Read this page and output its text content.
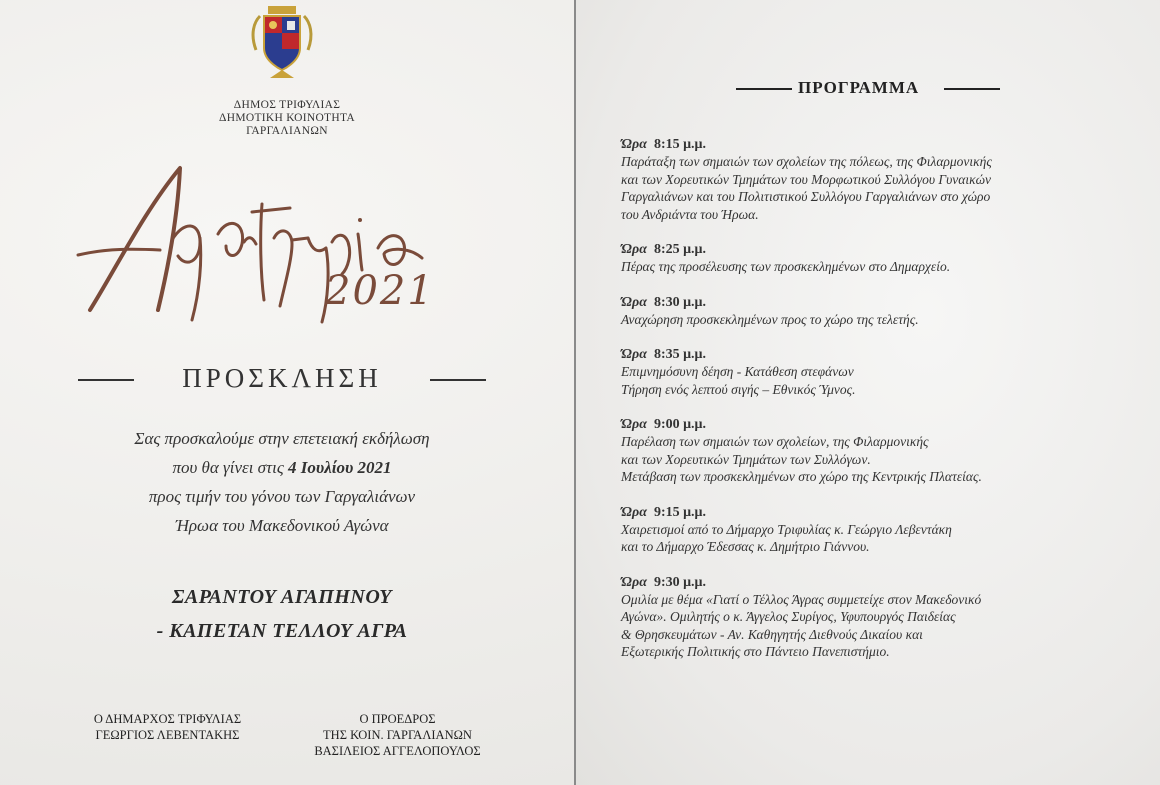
ΔΗΜΟΣ ΤΡΙΦΥΛΙΑΣ
ΔΗΜΟΤΙΚΗ ΚΟΙΝΟΤΗΤΑ
ΓΑΡΓΑΛΙΑΝΩΝ
2021
ΠΡΟΣΚΛΗΣΗ
Σας προσκαλούμε στην επετειακή εκδήλωση
που θα γίνει στις 4 Ιουλίου 2021
προς τιμήν του γόνου των Γαργαλιάνων
Ήρωα του Μακεδονικού Αγώνα
ΣΑΡΑΝΤΟΥ ΑΓΑΠΗΝΟΥ
- ΚΑΠΕΤΑΝ ΤΕΛΛΟΥ ΑΓΡΑ
Ο ΔΗΜΑΡΧΟΣ ΤΡΙΦΥΛΙΑΣ
ΓΕΩΡΓΙΟΣ ΛΕΒΕΝΤΑΚΗΣ
Ο ΠΡΟΕΔΡΟΣ
ΤΗΣ ΚΟΙΝ. ΓΑΡΓΑΛΙΑΝΩΝ
ΒΑΣΙΛΕΙΟΣ ΑΓΓΕΛΟΠΟΥΛΟΣ
ΠΡΟΓΡΑΜΜΑ
Ώρα  8:15 μ.μ.
Παράταξη των σημαιών των σχολείων της πόλεως, της Φιλαρμονικής
και των Χορευτικών Τμημάτων του Μορφωτικού Συλλόγου Γυναικών
Γαργαλιάνων και του Πολιτιστικού Συλλόγου Γαργαλιάνων στο χώρο
του Ανδριάντα του Ήρωα.
Ώρα  8:25 μ.μ.
Πέρας της προσέλευσης των προσκεκλημένων στο Δημαρχείο.
Ώρα  8:30 μ.μ.
Αναχώρηση προσκεκλημένων προς το χώρο της τελετής.
Ώρα  8:35 μ.μ.
Επιμνημόσυνη δέηση - Κατάθεση στεφάνων
Τήρηση ενός λεπτού σιγής – Εθνικός Ύμνος.
Ώρα  9:00 μ.μ.
Παρέλαση των σημαιών των σχολείων, της Φιλαρμονικής
και των Χορευτικών Τμημάτων των Συλλόγων.
Μετάβαση των προσκεκλημένων στο χώρο της Κεντρικής Πλατείας.
Ώρα  9:15 μ.μ.
Χαιρετισμοί από το Δήμαρχο Τριφυλίας κ. Γεώργιο Λεβεντάκη
και το Δήμαρχο Έδεσσας κ. Δημήτριο Γιάννου.
Ώρα  9:30 μ.μ.
Ομιλία με θέμα «Γιατί ο Τέλλος Άγρας συμμετείχε στον Μακεδονικό
Αγώνα». Ομιλητής ο κ. Άγγελος Συρίγος, Υφυπουργός Παιδείας
& Θρησκευμάτων - Αν. Καθηγητής Διεθνούς Δικαίου και
Εξωτερικής Πολιτικής στο Πάντειο Πανεπιστήμιο.
